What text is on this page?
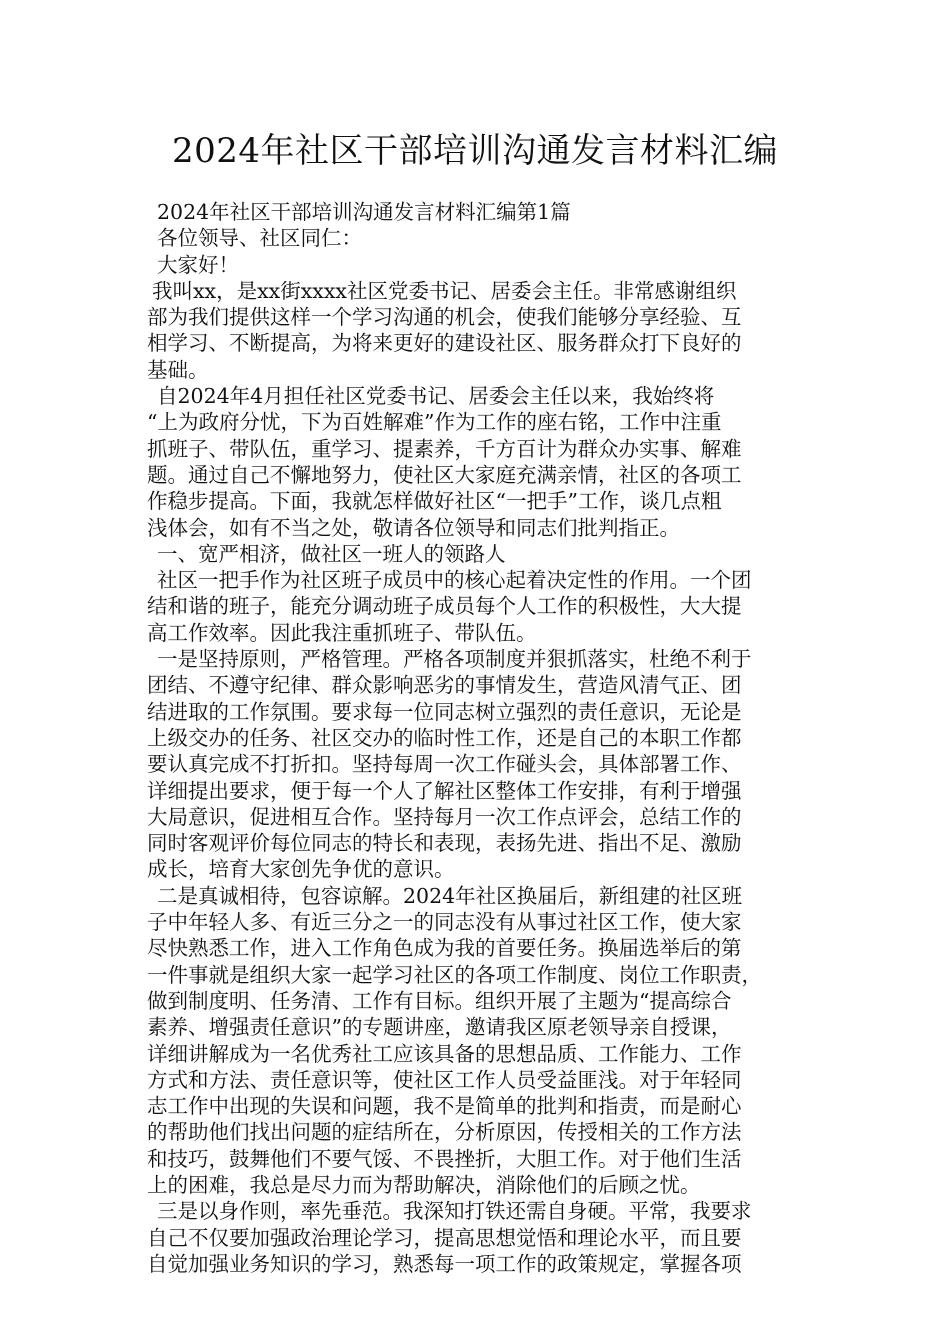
2024年社区干部培训沟通发言材料汇编
2024年社区干部培训沟通发言材料汇编第1篇
各位领导、社区同仁：
大家好！
我叫xx，是xx街xxxx社区党委书记、居委会主任。非常感谢组织
部为我们提供这样一个学习沟通的机会，使我们能够分享经验、互
相学习、不断提高，为将来更好的建设社区、服务群众打下良好的
基础。
自2024年4月担任社区党委书记、居委会主任以来，我始终将
“上为政府分忧，下为百姓解难”作为工作的座右铭，工作中注重
抓班子、带队伍，重学习、提素养，千方百计为群众办实事、解难
题。通过自己不懈地努力，使社区大家庭充满亲情，社区的各项工
作稳步提高。下面，我就怎样做好社区“一把手”工作，谈几点粗
浅体会，如有不当之处，敬请各位领导和同志们批判指正。
一、宽严相济，做社区一班人的领路人
社区一把手作为社区班子成员中的核心起着决定性的作用。一个团
结和谐的班子，能充分调动班子成员每个人工作的积极性，大大提
高工作效率。因此我注重抓班子、带队伍。
一是坚持原则，严格管理。严格各项制度并狠抓落实，杜绝不利于
团结、不遵守纪律、群众影响恶劣的事情发生，营造风清气正、团
结进取的工作氛围。要求每一位同志树立强烈的责任意识，无论是
上级交办的任务、社区交办的临时性工作，还是自己的本职工作都
要认真完成不打折扣。坚持每周一次工作碰头会，具体部署工作、
详细提出要求，便于每一个人了解社区整体工作安排，有利于增强
大局意识，促进相互合作。坚持每月一次工作点评会，总结工作的
同时客观评价每位同志的特长和表现，表扬先进、指出不足、激励
成长，培育大家创先争优的意识。
二是真诚相待，包容谅解。2024年社区换届后，新组建的社区班
子中年轻人多、有近三分之一的同志没有从事过社区工作，使大家
尽快熟悉工作，进入工作角色成为我的首要任务。换届选举后的第
一件事就是组织大家一起学习社区的各项工作制度、岗位工作职责，
做到制度明、任务清、工作有目标。组织开展了主题为“提高综合
素养、增强责任意识”的专题讲座，邀请我区原老领导亲自授课，
详细讲解成为一名优秀社工应该具备的思想品质、工作能力、工作
方式和方法、责任意识等，使社区工作人员受益匪浅。对于年轻同
志工作中出现的失误和问题，我不是简单的批判和指责，而是耐心
的帮助他们找出问题的症结所在，分析原因，传授相关的工作方法
和技巧，鼓舞他们不要气馁、不畏挫折，大胆工作。对于他们生活
上的困难，我总是尽力而为帮助解决，消除他们的后顾之忧。
三是以身作则，率先垂范。我深知打铁还需自身硬。平常，我要求
自己不仅要加强政治理论学习，提高思想觉悟和理论水平，而且要
自觉加强业务知识的学习，熟悉每一项工作的政策规定，掌握各项
